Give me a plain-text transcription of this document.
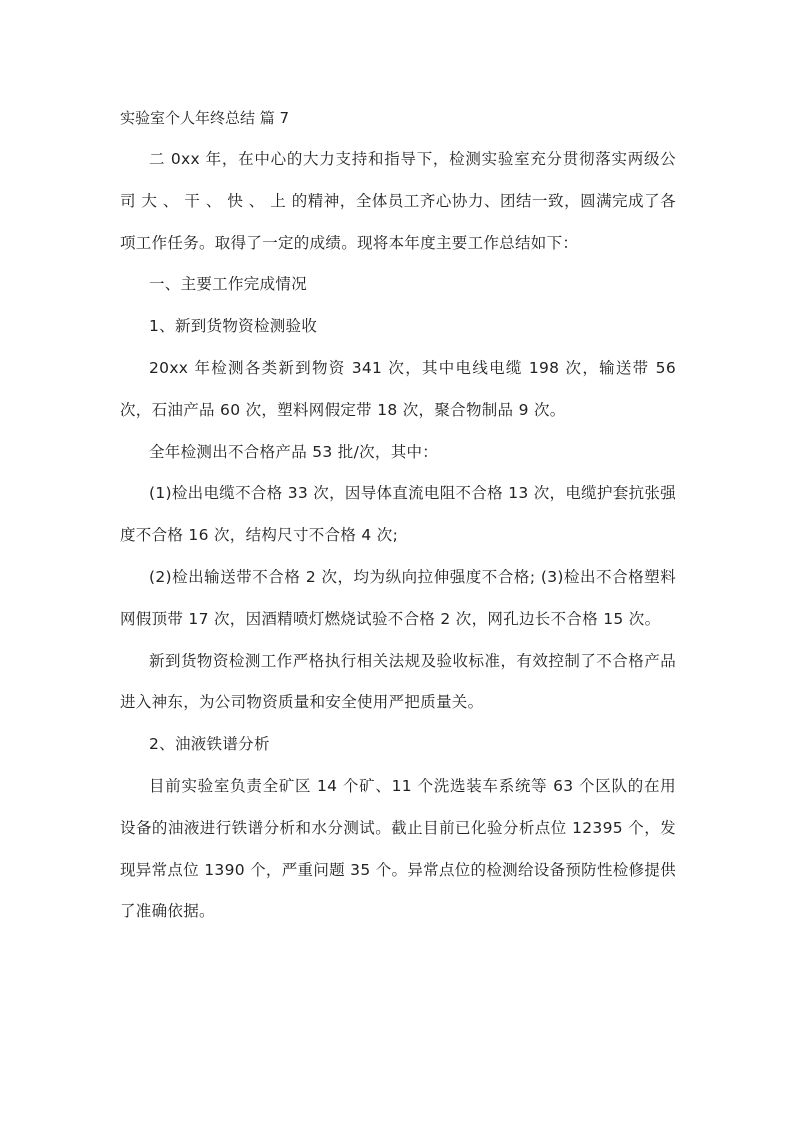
实验室个人年终总结 篇 7

二 0xx 年，在中心的大力支持和指导下，检测实验室充分贯彻落实两级公司 大 、 干 、 快 、 上 的精神，全体员工齐心协力、团结一致，圆满完成了各项工作任务。取得了一定的成绩。现将本年度主要工作总结如下：

一、主要工作完成情况

1、新到货物资检测验收

20xx 年检测各类新到物资 341 次，其中电线电缆 198 次，输送带 56 次，石油产品 60 次，塑料网假定带 18 次，聚合物制品 9 次。

全年检测出不合格产品 53 批/次，其中：

(1)检出电缆不合格 33 次，因导体直流电阻不合格 13 次，电缆护套抗张强度不合格 16 次，结构尺寸不合格 4 次;

(2)检出输送带不合格 2 次，均为纵向拉伸强度不合格; (3)检出不合格塑料网假顶带 17 次，因酒精喷灯燃烧试验不合格 2 次，网孔边长不合格 15 次。

新到货物资检测工作严格执行相关法规及验收标准，有效控制了不合格产品进入神东，为公司物资质量和安全使用严把质量关。

2、油液铁谱分析

目前实验室负责全矿区 14 个矿、11 个洗选装车系统等 63 个区队的在用设备的油液进行铁谱分析和水分测试。截止目前已化验分析点位 12395 个，发现异常点位 1390 个，严重问题 35 个。异常点位的检测给设备预防性检修提供了准确依据。
